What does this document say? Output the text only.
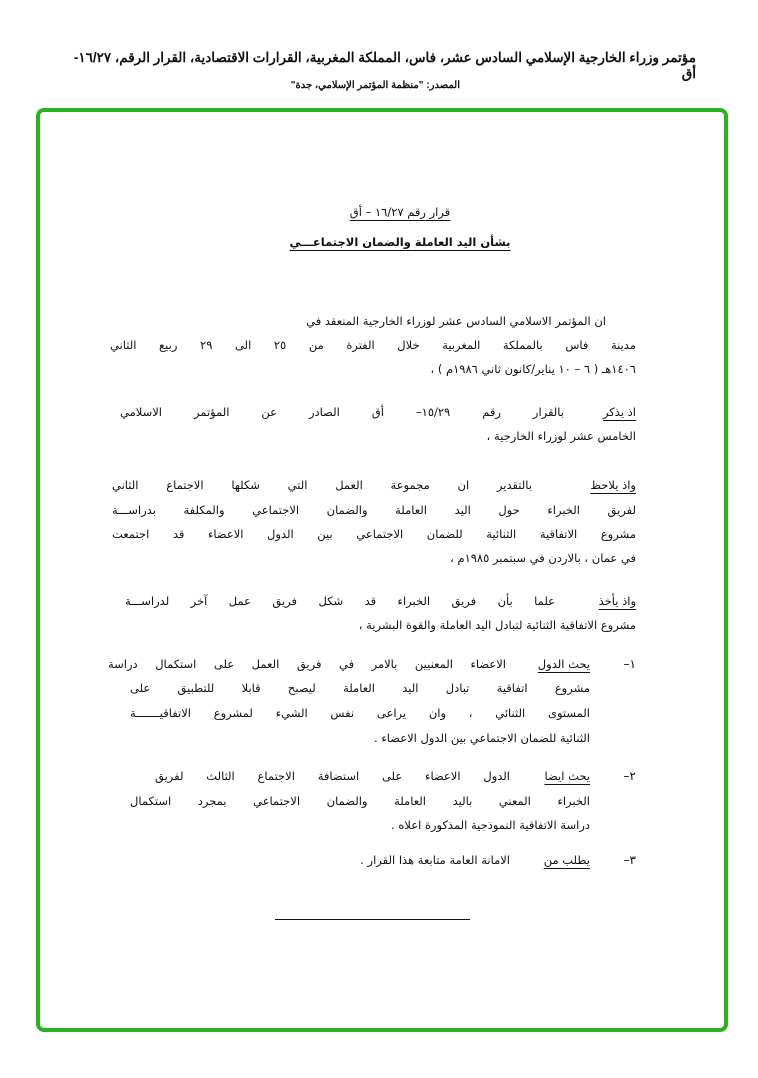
مؤتمر وزراء الخارجية الإسلامي السادس عشر، فاس، المملكة المغربية، القرارات الاقتصادية، القرار الرقم، ١٦/٢٧-أق
المصدر: "منظمة المؤتمر الإسلامي، جدة"
قرار رقم ١٦/٢٧ – أق
بشأن اليد العاملة والضمان الاجتماعـــي
ان المؤتمر الاسلامي السادس عشر لوزراء الخارجية المنعقد في
مدينة فاس بالمملكة المغربية خلال الفترة من ٢٥ الى ٢٩ ربيع الثاني
١٤٠٦هـ ( ٦ – ١٠ يناير/كانون ثاني ١٩٨٦م ) ،
اذ يذكر
بالقرار رقم ١٥/٢٩– أق الصادر عن المؤتمر الاسلامي
الخامس عشر لوزراء الخارجية ،
واذ يلاحظ
بالتقدير ان مجموعة العمل التي شكلها الاجتماع الثاني
لفريق الخبراء حول اليد العاملة والضمان الاجتماعي والمكلفة بدراســـة
مشروع الاتفاقية الثنائية للضمان الاجتماعي بين الدول الاعضاء قد اجتمعت
في عمان ، بالاردن في سبتمبر ١٩٨٥م ،
واذ يأخذ
علما بأن فريق الخبراء قد شكل فريق عمل آخر لدراســـة
مشروع الاتفاقية الثنائية لتبادل اليد العاملة والقوة البشرية ،
١–
يحث الدول
الاعضاء المعنيين بالامر في فريق العمل على استكمال دراسة
مشروع اتفاقية تبادل اليد العاملة ليصبح قابلا للتطبيق على
المستوى الثنائي ، وان يراعى نفس الشيء لمشروع الاتفاقيـــــــة
الثنائية للضمان الاجتماعي بين الدول الاعضاء .
٢–
يحث ايضا
الدول الاعضاء على استضافة الاجتماع الثالث لفريق
الخبراء المعني باليد العاملة والضمان الاجتماعي بمجرد استكمال
دراسة الاتفاقية النموذجية المذكورة اعلاه .
٣–
يطلب من
الامانة العامة متابعة هذا القرار .
